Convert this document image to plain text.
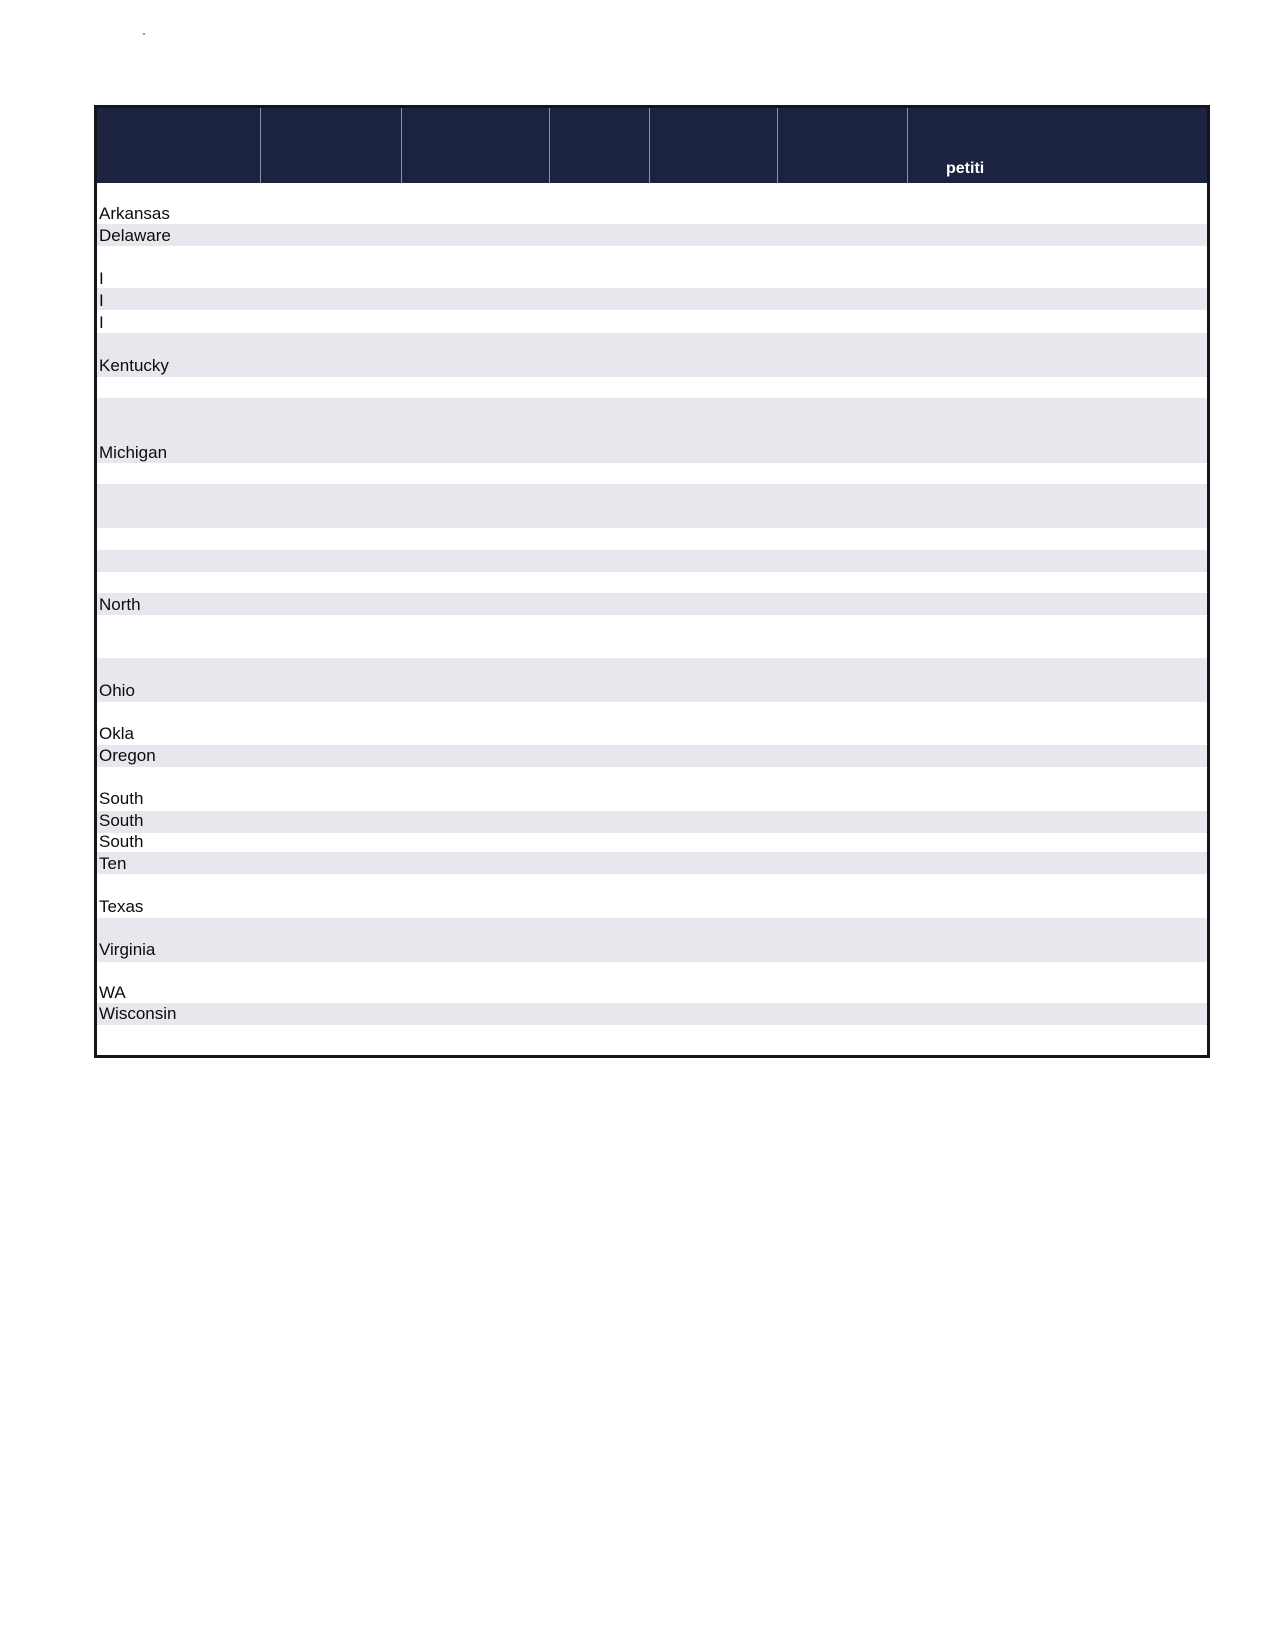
petiti
Arkansas
Delaware
I
I
I
Kentucky
Michigan
North
Ohio
Okla
Oregon
South
South
South
Ten
Texas
Virginia
WA
Wisconsin
